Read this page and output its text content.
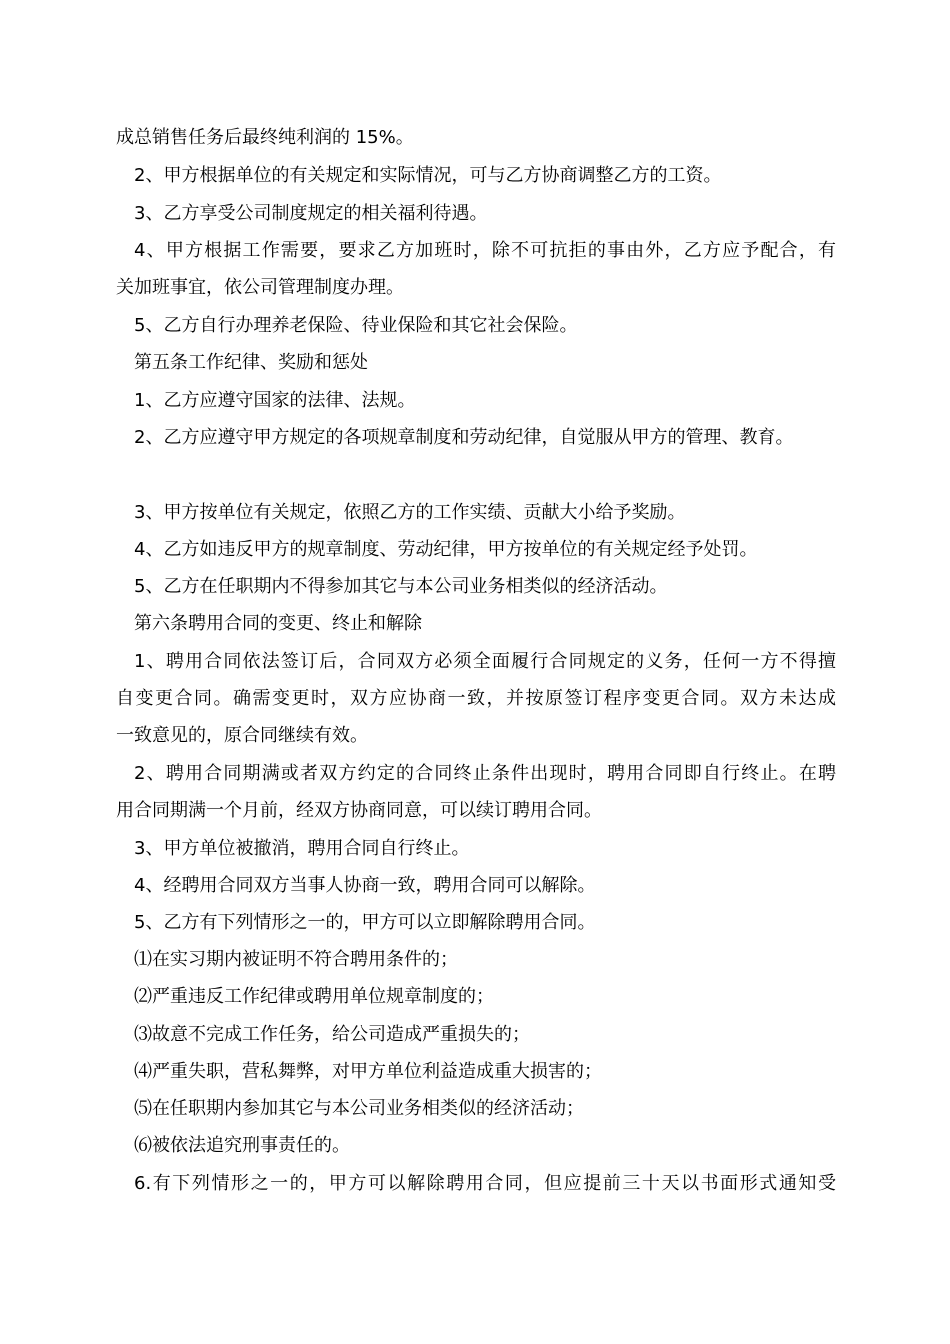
成总销售任务后最终纯利润的 15%。
2、甲方根据单位的有关规定和实际情况，可与乙方协商调整乙方的工资。
3、乙方享受公司制度规定的相关福利待遇。
4、甲方根据工作需要，要求乙方加班时，除不可抗拒的事由外，乙方应予配合，有
关加班事宜，依公司管理制度办理。
5、乙方自行办理养老保险、待业保险和其它社会保险。
第五条工作纪律、奖励和惩处
1、乙方应遵守国家的法律、法规。
2、乙方应遵守甲方规定的各项规章制度和劳动纪律，自觉服从甲方的管理、教育。
3、甲方按单位有关规定，依照乙方的工作实绩、贡献大小给予奖励。
4、乙方如违反甲方的规章制度、劳动纪律，甲方按单位的有关规定经予处罚。
5、乙方在任职期内不得参加其它与本公司业务相类似的经济活动。
第六条聘用合同的变更、终止和解除
1、聘用合同依法签订后，合同双方必须全面履行合同规定的义务，任何一方不得擅
自变更合同。确需变更时，双方应协商一致，并按原签订程序变更合同。双方未达成
一致意见的，原合同继续有效。
2、聘用合同期满或者双方约定的合同终止条件出现时，聘用合同即自行终止。在聘
用合同期满一个月前，经双方协商同意，可以续订聘用合同。
3、甲方单位被撤消，聘用合同自行终止。
4、经聘用合同双方当事人协商一致，聘用合同可以解除。
5、乙方有下列情形之一的，甲方可以立即解除聘用合同。
⑴在实习期内被证明不符合聘用条件的；
⑵严重违反工作纪律或聘用单位规章制度的；
⑶故意不完成工作任务，给公司造成严重损失的；
⑷严重失职，营私舞弊，对甲方单位利益造成重大损害的；
⑸在任职期内参加其它与本公司业务相类似的经济活动；
⑹被依法追究刑事责任的。
6.有下列情形之一的，甲方可以解除聘用合同，但应提前三十天以书面形式通知受
